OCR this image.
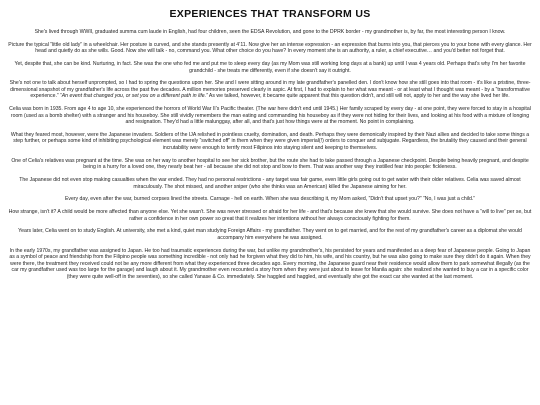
EXPERIENCES THAT TRANSFORM US

She's lived through WWII, graduated summa cum laude in English, had four children, seen the EDSA Revolution, and gone to the DPRK border - my grandmother is, by far, the most interesting person I know.

Picture the typical “little old lady” in a wheelchair. Her posture is curved, and she stands presently at 4’11. Now give her an intense expression - an expression that burns into you, that pierces you to your bone with every glance. Her head and quietly do as she wills. Good. Now she will talk - no, command you. What other choice do you have? In every moment she is an authority, a ruler, a chief executive… and you'd better not forget that.

Yet, despite that, she can be kind. Nurturing, in fact. She was the one who fed me and put me to sleep every day (as my Mom was still working long days at a bank) up until I was 4 years old. Perhaps that's why I'm her favorite grandchild - she treats me differently, even if she doesn't say it outright.

She's not one to talk about herself unprompted, so I had to spring the questions upon her. She and I were sitting around in my late grandfather's panelled den. I don't know how she still goes into that room - it's like a pristine, three-dimensional snapshot of my grandfather's life across the past five decades. A million memories preserved clearly in aspic. At first, I had to explain to her what was meant - or at least what I thought was meant - by a “transformative experience.” “An event that changed you, or set you on a different path in life.” As we talked, however, it became quite apparent that this question didn't, and still will not, apply to her and the way she lived her life.

Celia was born in 1935. From age 4 to age 10, she experienced the horrors of World War II's Pacific theater. (The war here didn't end until 1945.) Her family scraped by every day - at one point, they were forced to stay in a hospital room (used as a bomb shelter) with a stranger and his houseboy. She still vividly remembers the man eating and commanding his houseboy as if they were not hiding for their lives, and looking at his food with a mixture of longing and resignation. They'd had a little malunggay, after all, and that's just how things were at the moment. No point in complaining.

What they feared most, however, were the Japanese invaders. Soldiers of the IJA relished in pointless cruelty, domination, and death. Perhaps they were demonically inspired by their Nazi allies and decided to take some things a step further, or perhaps some kind of inhibiting psychological element was merely “switched off” in them when they were given imperial(!) orders to conquer and subjugate. Regardless, the brutality they caused and their general incrutability were enough to terrify most Filipinos into staying silent and keeping to themselves.

One of Celia's relatives was pregnant at the time. She was on her way to another hospital to see her sick brother, but the route she had to take passed through a Japanese checkpoint. Despite being heavily pregnant, and despite being in a hurry for a loved one, they nearly beat her - all because she did not stop and bow to them. That was another way they instilled fear into people: fickleness.

The Japanese did not even stop making casualties when the war ended. They had no personal restrictions - any target was fair game, even little girls going out to get water with their older relatives. Celia was saved almost miraculously. The shot missed, and another sniper (who she thinks was an American) killed the Japanese aiming for her.

Every day, even after the war, burned corpses lined the streets. Carnage - hell on earth. When she was describing it, my Mom asked, “Didn't that upset you?” “No, I was just a child.”

How strange, isn't it? A child would be more affected than anyone else. Yet she wasn't. She was never stressed or afraid for her life - and that's because she knew that she would survive. She does not have a “will to live” per se, but rather a confidence in her own power so great that it realizes her intentions without her always consciously fighting for them.

Years later, Celia went on to study English. At university, she met a kind, quiet man studying Foreign Affairs - my grandfather. They went on to get married, and for the rest of my grandfather's career as a diplomat she would accompany him everywhere he was assigned.

In the early 1970s, my grandfather was assigned to Japan. He too had traumatic experiences during the war, but unlike my grandmother's, his persisted for years and manifested as a deep fear of Japanese people. Going to Japan as a symbol of peace and friendship from the Filipino people was something incredible - not only had he forgiven what they did to him, his wife, and his country, but he was also going to make sure they didn't do it again. When they were there, the treatment they received could not be any more different from what they experienced three decades ago. Every morning, the Japanese guard near their residence would allow them to park somewhat illegally (as the car my grandfather used was too large for the garage) and laugh about it. My grandmother even recounted a story from when they were just about to leave for Manila again: she realized she wanted to buy a car in a specific color (they were quite well-off in the seventies), so she called Yanase & Co. immediately. She haggled and haggled, and eventually she got the exact car she wanted at the last moment.
